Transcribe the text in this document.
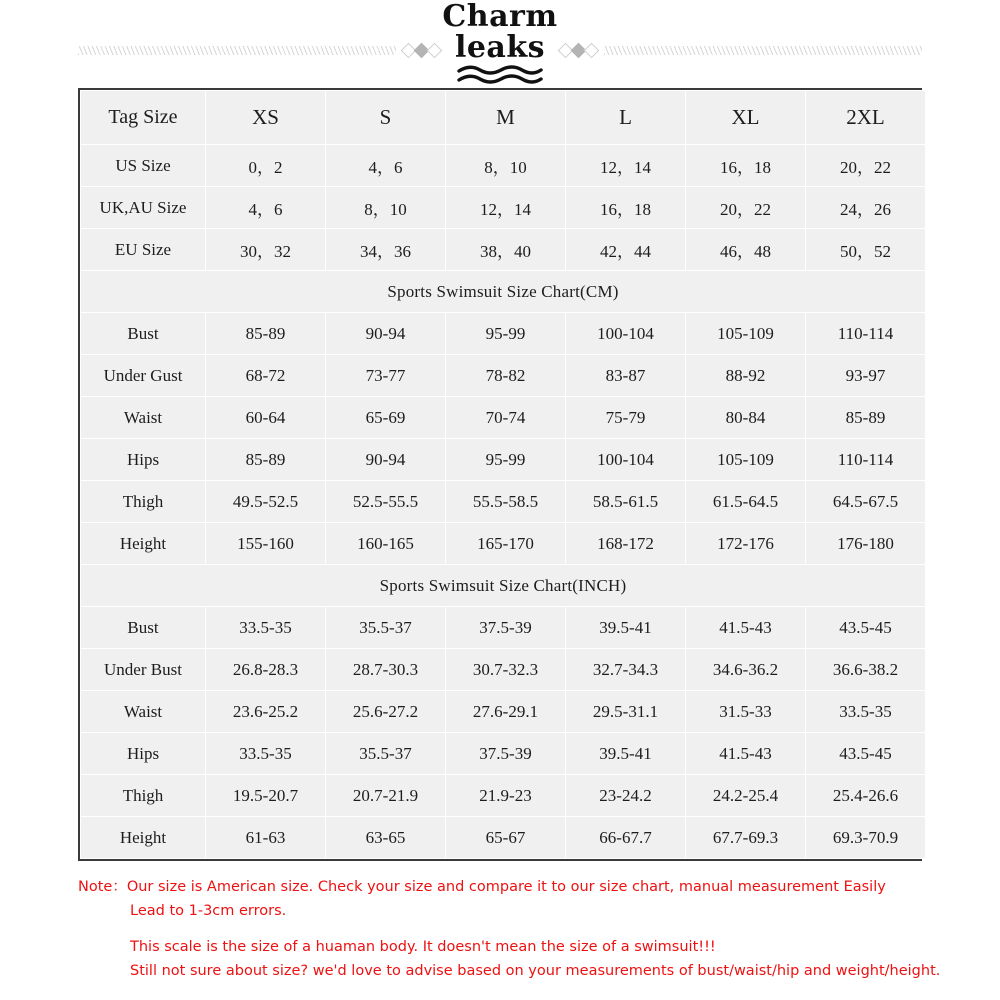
Charm
leaks
Tag Size	XS	S	M	L	XL	2XL
US Size	0，2	4，6	8，10	12，14	16，18	20，22
UK,AU Size	4，6	8，10	12，14	16，18	20，22	24，26
EU Size	30，32	34，36	38，40	42，44	46，48	50，52
Sports Swimsuit Size Chart(CM)						
Bust	85-89	90-94	95-99	100-104	105-109	110-114
Under Gust	68-72	73-77	78-82	83-87	88-92	93-97
Waist	60-64	65-69	70-74	75-79	80-84	85-89
Hips	85-89	90-94	95-99	100-104	105-109	110-114
Thigh	49.5-52.5	52.5-55.5	55.5-58.5	58.5-61.5	61.5-64.5	64.5-67.5
Height	155-160	160-165	165-170	168-172	172-176	176-180
Sports Swimsuit Size Chart(INCH)						
Bust	33.5-35	35.5-37	37.5-39	39.5-41	41.5-43	43.5-45
Under Bust	26.8-28.3	28.7-30.3	30.7-32.3	32.7-34.3	34.6-36.2	36.6-38.2
Waist	23.6-25.2	25.6-27.2	27.6-29.1	29.5-31.1	31.5-33	33.5-35
Hips	33.5-35	35.5-37	37.5-39	39.5-41	41.5-43	43.5-45
Thigh	19.5-20.7	20.7-21.9	21.9-23	23-24.2	24.2-25.4	25.4-26.6
Height	61-63	63-65	65-67	66-67.7	67.7-69.3	69.3-70.9
Note：Our size is American size. Check your size and compare it to our size chart, manual measurement Easily
Lead to 1-3cm errors.
This scale is the size of a huaman body. It doesn't mean the size of a swimsuit!!!
Still not sure about size? we'd love to advise based on your measurements of bust/waist/hip and weight/height.
